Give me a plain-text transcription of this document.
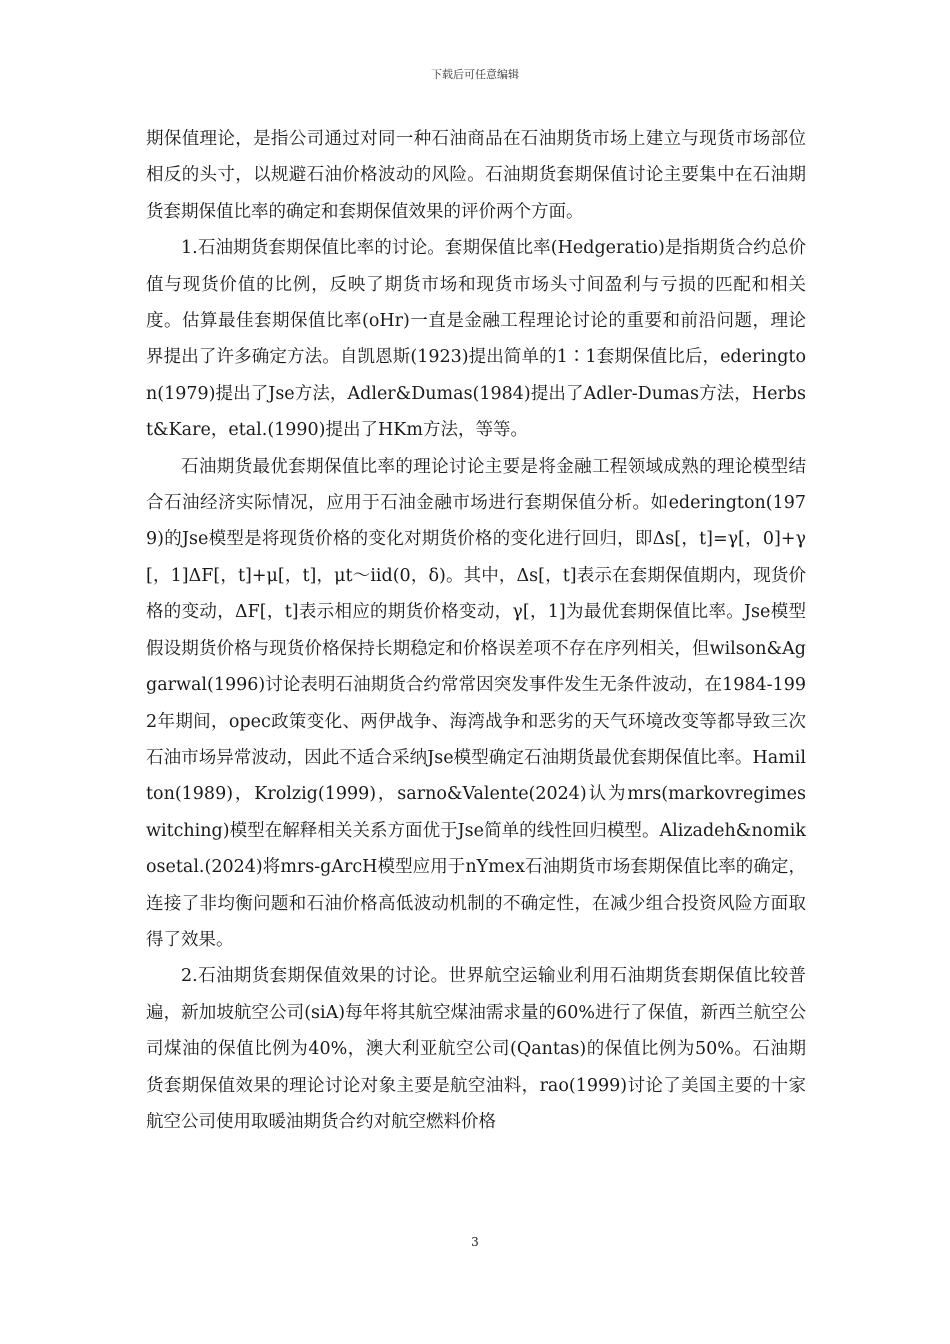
下载后可任意编辑

期保值理论，是指公司通过对同一种石油商品在石油期货市场上建立与现货市场部位相反的头寸，以规避石油价格波动的风险。石油期货套期保值讨论主要集中在石油期货套期保值比率的确定和套期保值效果的评价两个方面。

1.石油期货套期保值比率的讨论。套期保值比率(Hedgeratio)是指期货合约总价值与现货价值的比例，反映了期货市场和现货市场头寸间盈利与亏损的匹配和相关度。估算最佳套期保值比率(oHr)一直是金融工程理论讨论的重要和前沿问题，理论界提出了许多确定方法。自凯恩斯(1923)提出简单的1∶1套期保值比后，ederington(1979)提出了Jse方法，Adler&Dumas(1984)提出了Adler-Dumas方法，Herbst&Kare，etal.(1990)提出了HKm方法，等等。

石油期货最优套期保值比率的理论讨论主要是将金融工程领域成熟的理论模型结合石油经济实际情况，应用于石油金融市场进行套期保值分析。如ederington(1979)的Jse模型是将现货价格的变化对期货价格的变化进行回归，即Δs[，t]=γ[，0]+γ[，1]ΔF[，t]+μ[，t]，μt～iid(0，δ)。其中，Δs[，t]表示在套期保值期内，现货价格的变动，ΔF[，t]表示相应的期货价格变动，γ[，1]为最优套期保值比率。Jse模型假设期货价格与现货价格保持长期稳定和价格误差项不存在序列相关，但wilson&Aggarwal(1996)讨论表明石油期货合约常常因突发事件发生无条件波动，在1984-1992年期间，opec政策变化、两伊战争、海湾战争和恶劣的天气环境改变等都导致三次石油市场异常波动，因此不适合采纳Jse模型确定石油期货最优套期保值比率。Hamilton(1989)，Krolzig(1999)，sarno&Valente(2024)认为mrs(markovregimeswitching)模型在解释相关关系方面优于Jse简单的线性回归模型。Alizadeh&nomikosetal.(2024)将mrs-gArcH模型应用于nYmex石油期货市场套期保值比率的确定，连接了非均衡问题和石油价格高低波动机制的不确定性，在减少组合投资风险方面取得了效果。

2.石油期货套期保值效果的讨论。世界航空运输业利用石油期货套期保值比较普遍，新加坡航空公司(siA)每年将其航空煤油需求量的60%进行了保值，新西兰航空公司煤油的保值比例为40%，澳大利亚航空公司(Qantas)的保值比例为50%。石油期货套期保值效果的理论讨论对象主要是航空油料，rao(1999)讨论了美国主要的十家航空公司使用取暖油期货合约对航空燃料价格

3
